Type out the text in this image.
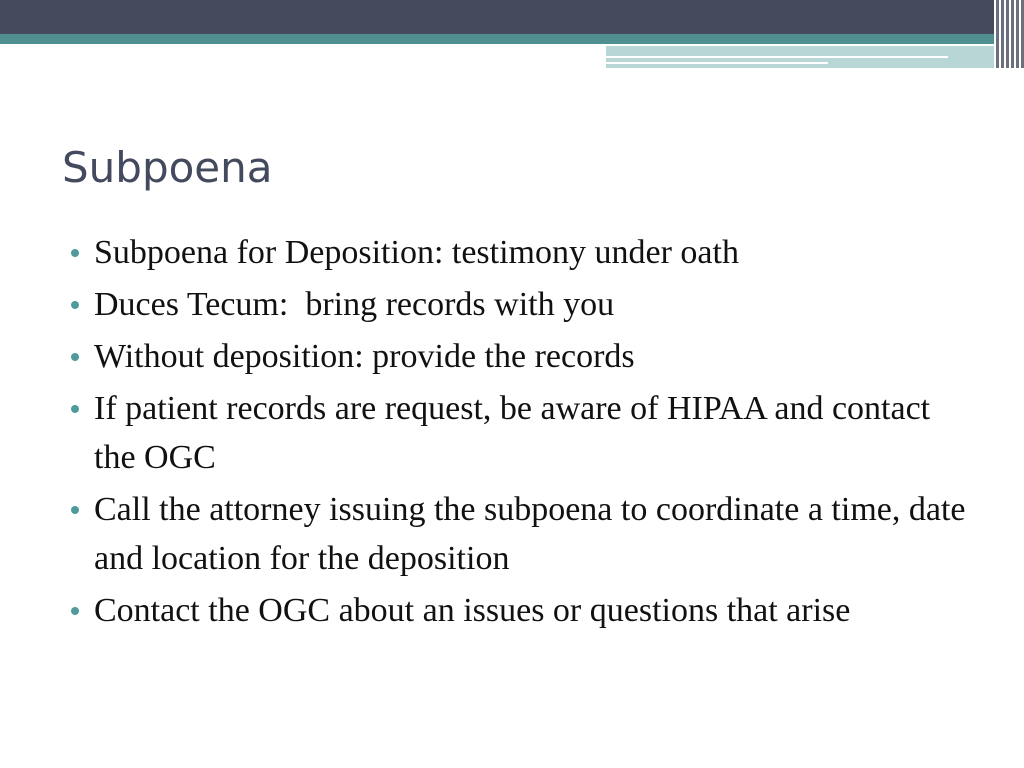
Subpoena
Subpoena for Deposition: testimony under oath
Duces Tecum:  bring records with you
Without deposition: provide the records
If patient records are request, be aware of HIPAA and contact the OGC
Call the attorney issuing the subpoena to coordinate a time, date and location for the deposition
Contact the OGC about an issues or questions that arise
